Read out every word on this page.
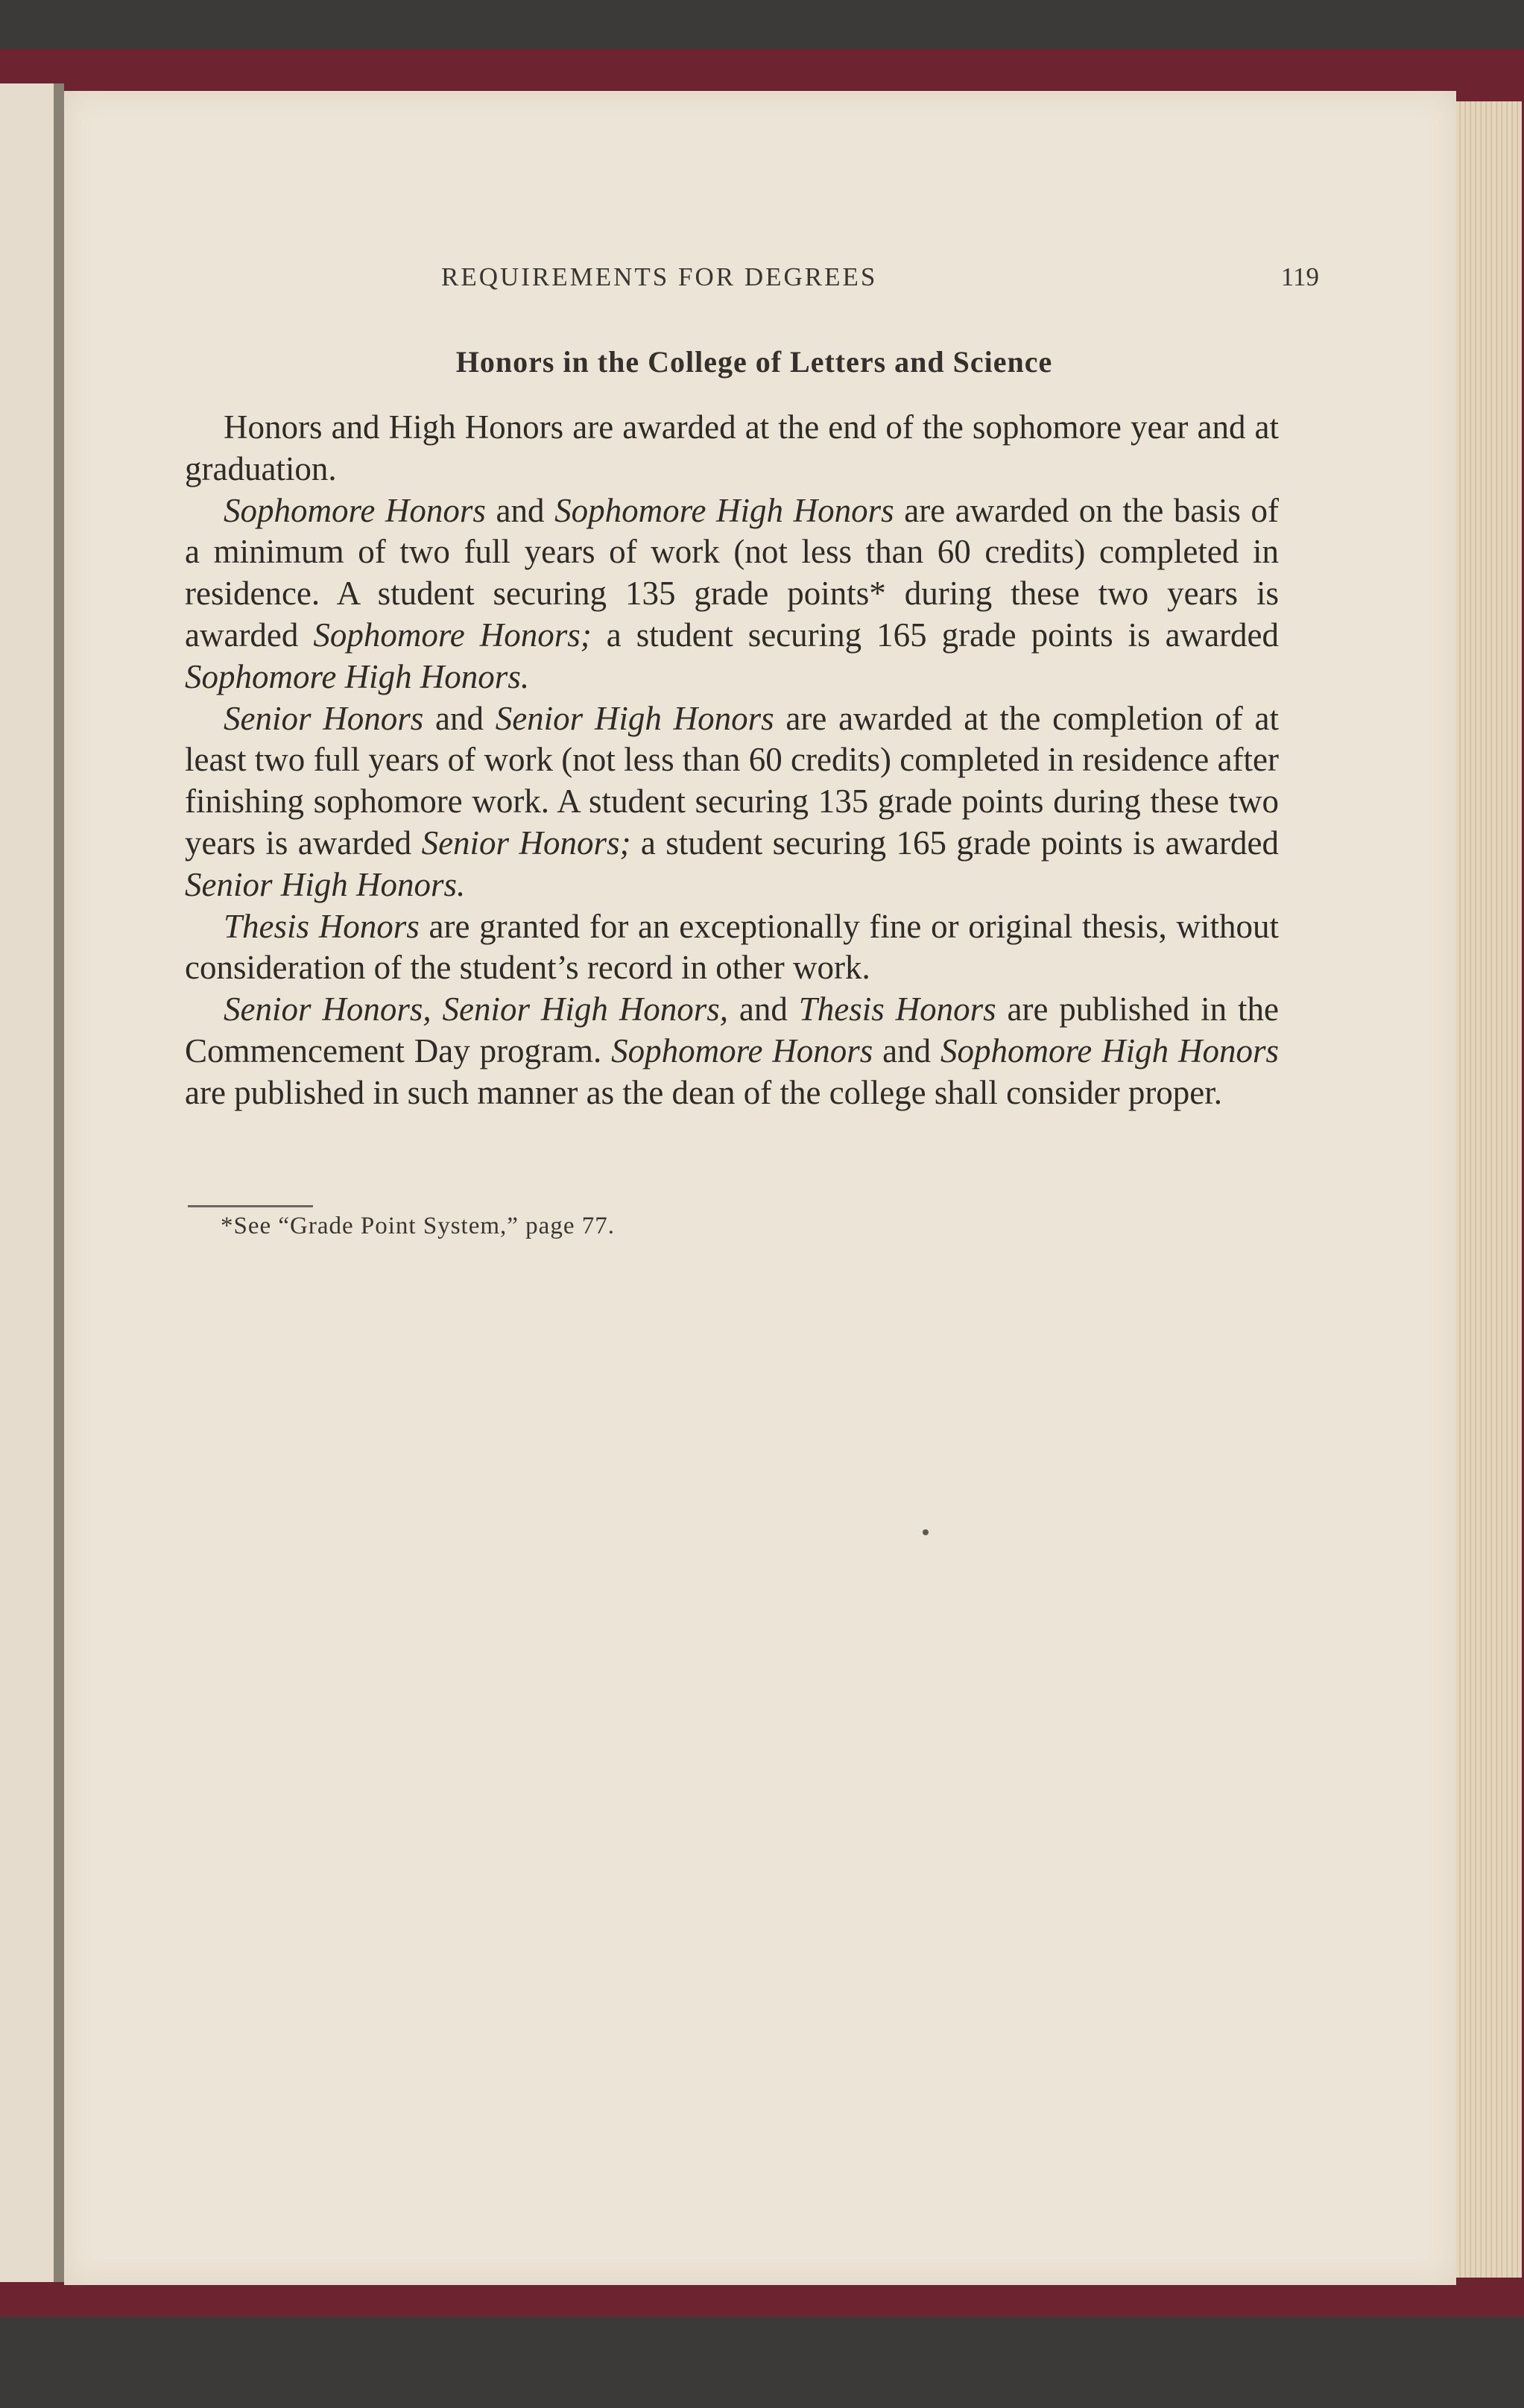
REQUIREMENTS FOR DEGREES	119
Honors in the College of Letters and Science

Honors and High Honors are awarded at the end of the sophomore year and at graduation.

Sophomore Honors and Sophomore High Honors are awarded on the basis of a minimum of two full years of work (not less than 60 credits) completed in residence. A student securing 135 grade points* during these two years is awarded Sophomore Honors; a student securing 165 grade points is awarded Sophomore High Honors.

Senior Honors and Senior High Honors are awarded at the completion of at least two full years of work (not less than 60 credits) completed in residence after finishing sophomore work. A student securing 135 grade points during these two years is awarded Senior Honors; a student securing 165 grade points is awarded Senior High Honors.

Thesis Honors are granted for an exceptionally fine or original thesis, without consideration of the student’s record in other work.

Senior Honors, Senior High Honors, and Thesis Honors are published in the Commencement Day program. Sophomore Honors and Sophomore High Honors are published in such manner as the dean of the college shall consider proper.

*See “Grade Point System,” page 77.
